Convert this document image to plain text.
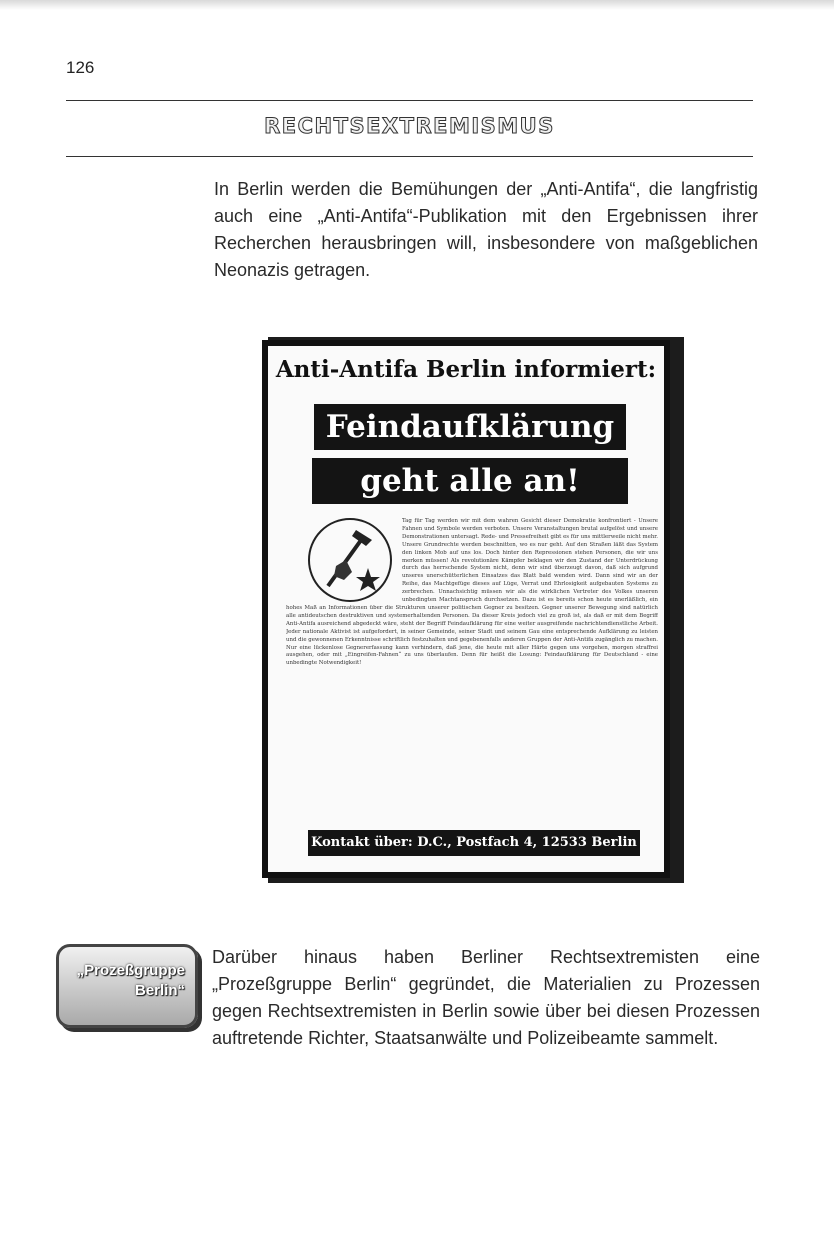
126
RECHTSEXTREMISMUS

In Berlin werden die Bemühungen der „Anti-Antifa“, die langfristig auch eine „Anti-Antifa“-Publikation mit den Ergebnissen ihrer Recherchen herausbringen will, insbesondere von maßgeblichen Neonazis getragen.

Anti-Antifa Berlin informiert:
Feindaufklärung
geht alle an!

Tag für Tag werden wir mit dem wahren Gesicht dieser Demokratie konfrontiert - Unsere Fahnen und Symbole werden verboten. Unsere Veranstaltungen brutal aufgelöst und unsere Demonstrationen untersagt. Rede- und Pressefreiheit gibt es für uns mittlerweile nicht mehr. Unsere Grundrechte werden beschnitten, wo es nur geht. Auf den Straßen läßt das System den linken Mob auf uns los. Doch hinter den Repressionen stehen Personen, die wir uns merken müssen! Als revolutionäre Kämpfer beklagen wir den Zustand der Unterdrückung durch das herrschende System nicht, denn wir sind überzeugt davon, daß sich aufgrund unseres unerschütterlichen Einsatzes das Blatt bald wenden wird. Dann sind wir an der Reihe, das Machtgefüge dieses auf Lüge, Verrat und Ehrlosigkeit aufgebauten Systems zu zerbrechen. Unnachsichtig müssen wir als die wirklichen Vertreter des Volkes unseren unbedingten Machtanspruch durchsetzen. Dazu ist es bereits schon heute unerläßlich, ein hohes Maß an Informationen über die Strukturen unserer politischen Gegner zu besitzen. Gegner unserer Bewegung sind natürlich alle antideutschen destruktiven und systemerhaltenden Personen. Da dieser Kreis jedoch viel zu groß ist, als daß er mit dem Begriff Anti-Antifa ausreichend abgedeckt wäre, steht der Begriff Feindaufklärung für eine weiter ausgreifende nachrichtendienstliche Arbeit. Jeder nationale Aktivist ist aufgefordert, in seiner Gemeinde, seiner Stadt und seinem Gau eine entsprechende Aufklärung zu leisten und die gewonnenen Erkenntnisse schriftlich festzuhalten und gegebenenfalls anderen Gruppen der Anti-Antifa zugänglich zu machen. Nur eine lückenlose Gegnererfassung kann verhindern, daß jene, die heute mit aller Härte gegen uns vorgehen, morgen straffrei ausgehen, oder mit „Eingreifen-Fahnen“ zu uns überlaufen. Denn für heißt die Losung: Feindaufklärung für Deutschland - eine unbedingte Notwendigkeit!

Kontakt über: D.C., Postfach 4, 12533 Berlin
„Prozeßgruppe Berlin“

Darüber hinaus haben Berliner Rechtsextremisten eine „Prozeßgruppe Berlin“ gegründet, die Materialien zu Prozessen gegen Rechtsextremisten in Berlin sowie über bei diesen Prozessen auftretende Richter, Staatsanwälte und Polizeibeamte sammelt.
